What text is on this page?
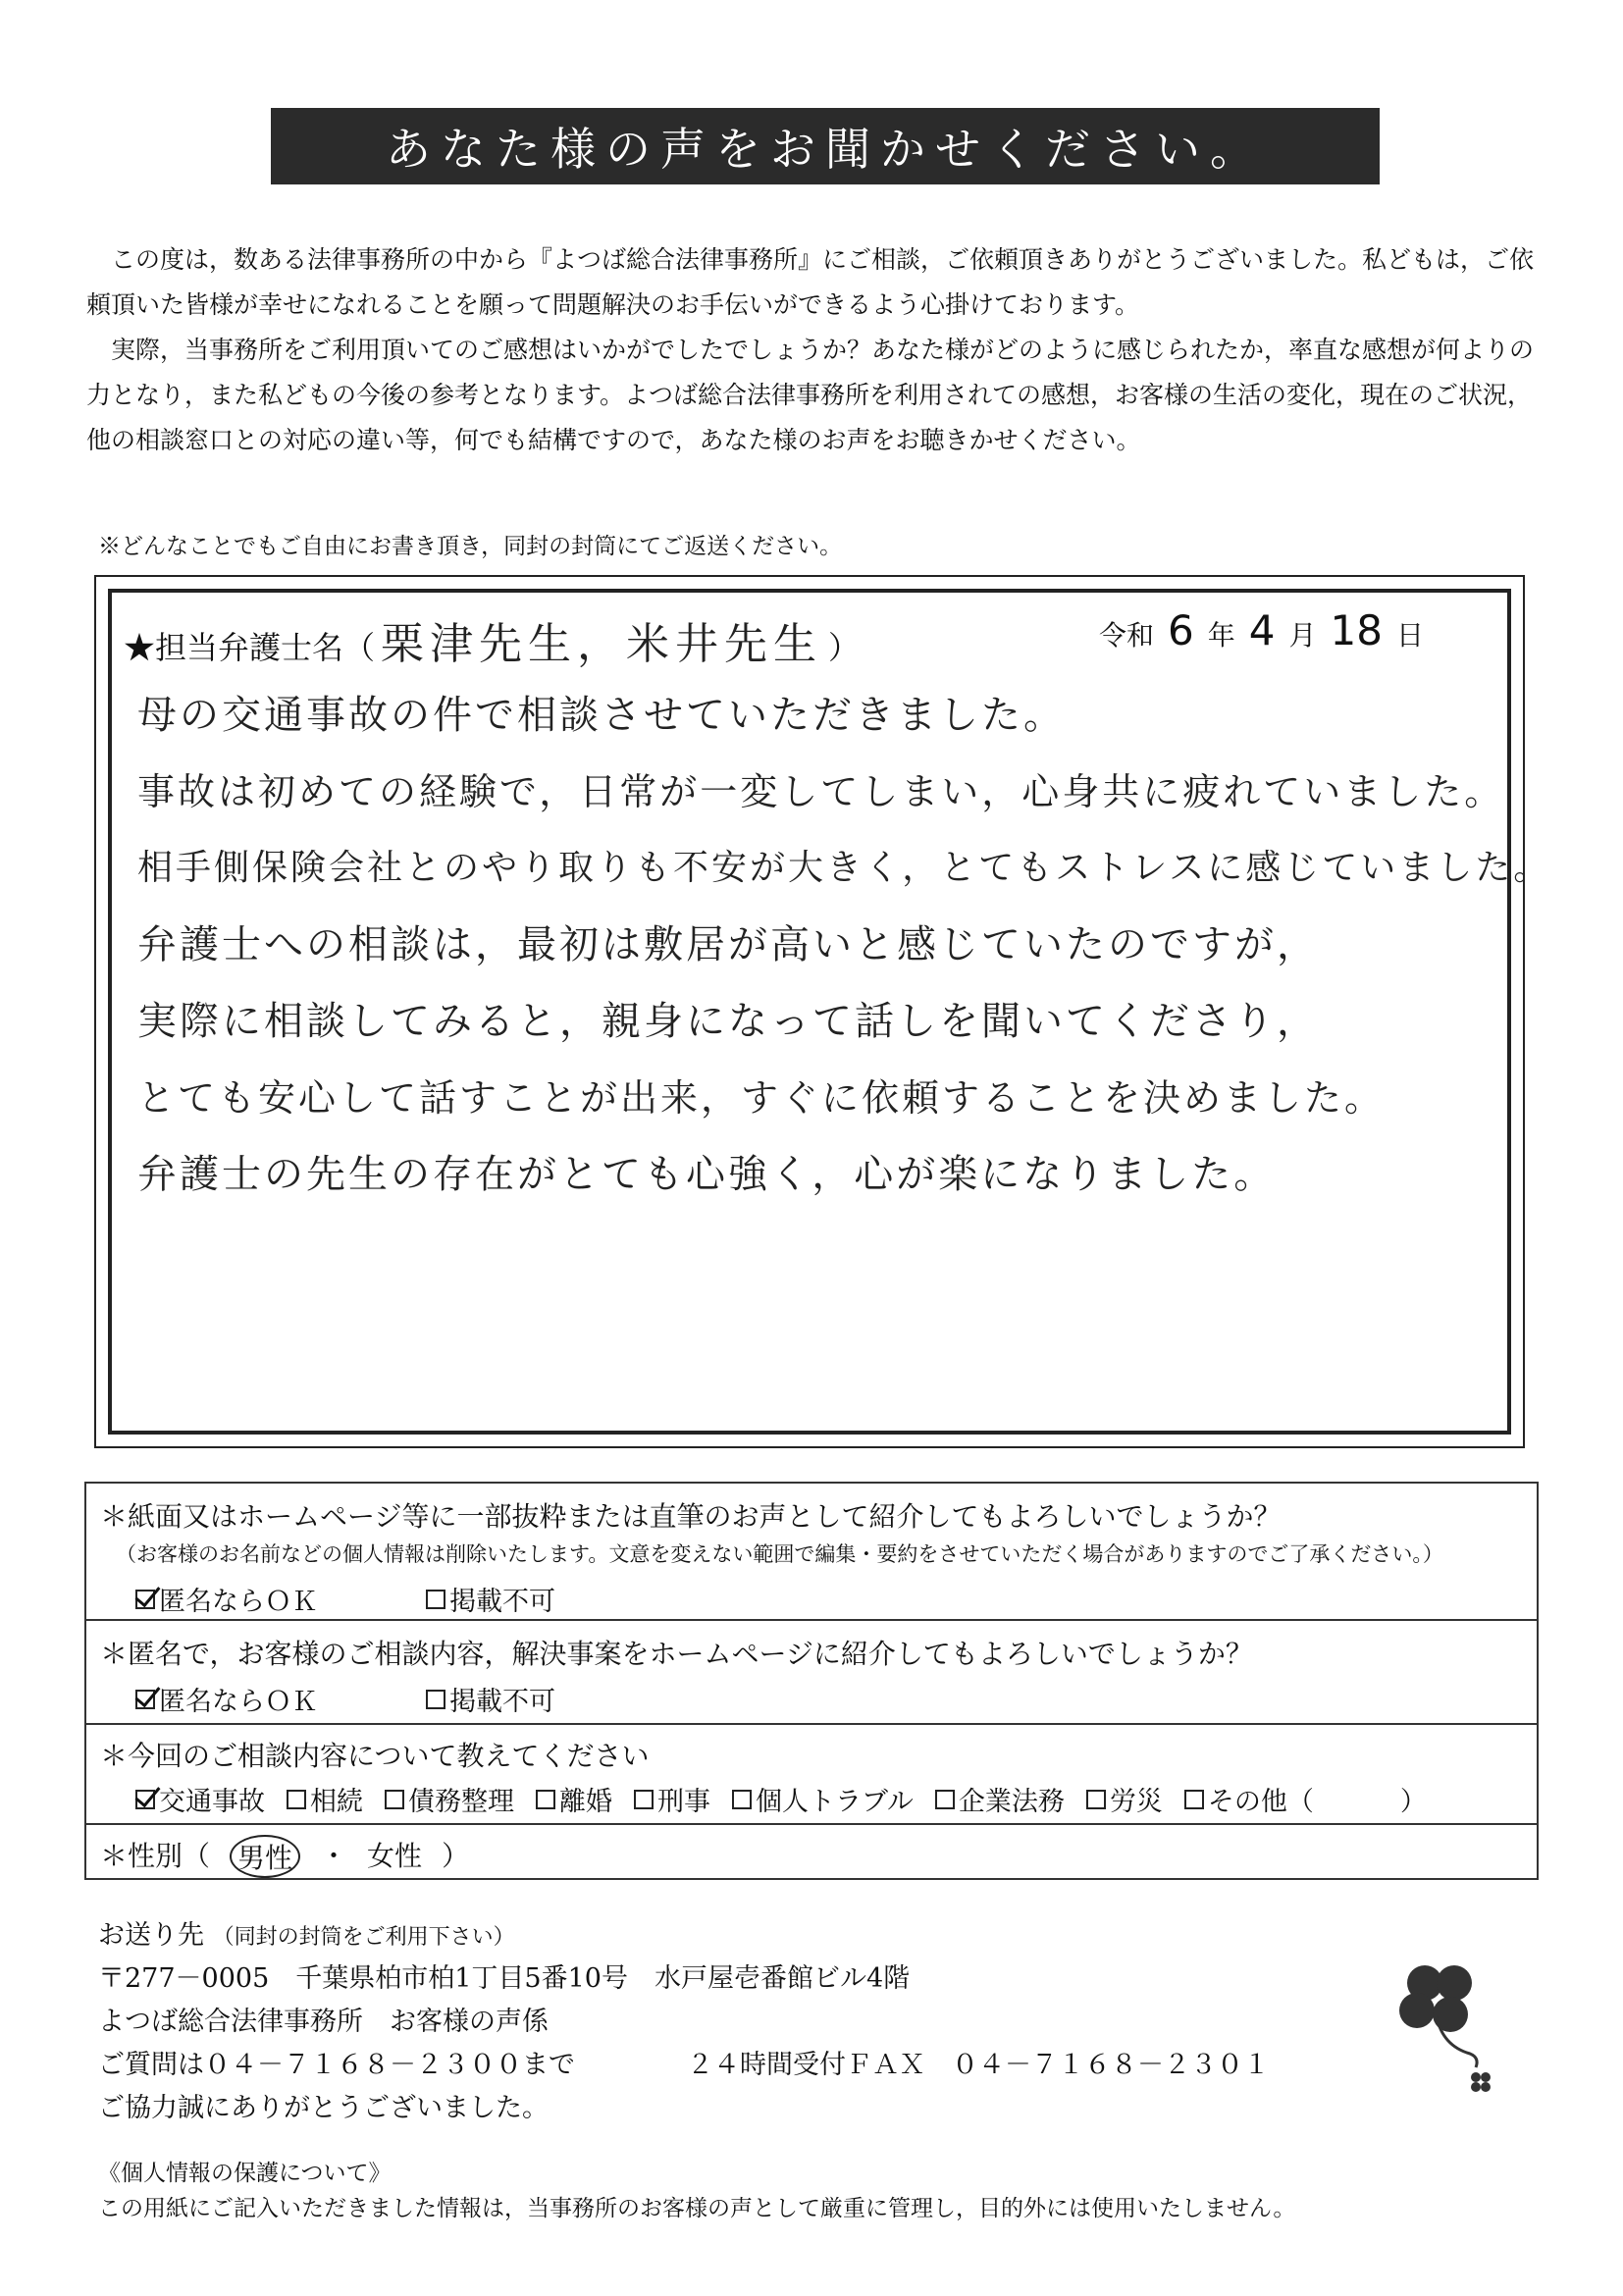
あなた様の声をお聞かせください。

この度は，数ある法律事務所の中から『よつば総合法律事務所』にご相談，ご依頼頂きありがとうございました。私どもは，ご依頼頂いた皆様が幸せになれることを願って問題解決のお手伝いができるよう心掛けております。

実際，当事務所をご利用頂いてのご感想はいかがでしたでしょうか？あなた様がどのように感じられたか，率直な感想が何よりの力となり，また私どもの今後の参考となります。よつば総合法律事務所を利用されての感想，お客様の生活の変化，現在のご状況，他の相談窓口との対応の違い等，何でも結構ですので，あなた様のお声をお聴きかせください。

※どんなことでもご自由にお書き頂き，同封の封筒にてご返送ください。
★担当弁護士名（ 栗津先生，米井先生 ）	令和 6 年 4 月 18 日
母の交通事故の件で相談させていただきました。
事故は初めての経験で，日常が一変してしまい，心身共に疲れていました。
相手側保険会社とのやり取りも不安が大きく，とてもストレスに感じていました。
弁護士への相談は，最初は敷居が高いと感じていたのですが，
実際に相談してみると，親身になって話しを聞いてくださり，
とても安心して話すことが出来，すぐに依頼することを決めました。
弁護士の先生の存在がとても心強く，心が楽になりました。
＊紙面又はホームページ等に一部抜粋または直筆のお声として紹介してもよろしいでしょうか？
（お客様のお名前などの個人情報は削除いたします。文意を変えない範囲で編集・要約をさせていただく場合がありますのでご了承ください。）
匿名ならＯＫ	掲載不可
＊匿名で，お客様のご相談内容，解決事案をホームページに紹介してもよろしいでしょうか？
匿名ならＯＫ	掲載不可
＊今回のご相談内容について教えてください
交通事故 相続 債務整理 離婚 刑事 個人トラブル 企業法務 労災 その他（	）
＊性別（ 男性 ・ 女性 ）
お送り先 （同封の封筒をご利用下さい）
〒277－0005　千葉県柏市柏1丁目5番10号　水戸屋壱番館ビル4階
よつば総合法律事務所　お客様の声係
ご質問は０４－７１６８－２３００まで	２４時間受付ＦＡＸ　０４－７１６８－２３０１
ご協力誠にありがとうございました。
《個人情報の保護について》
この用紙にご記入いただきました情報は，当事務所のお客様の声として厳重に管理し，目的外には使用いたしません。
